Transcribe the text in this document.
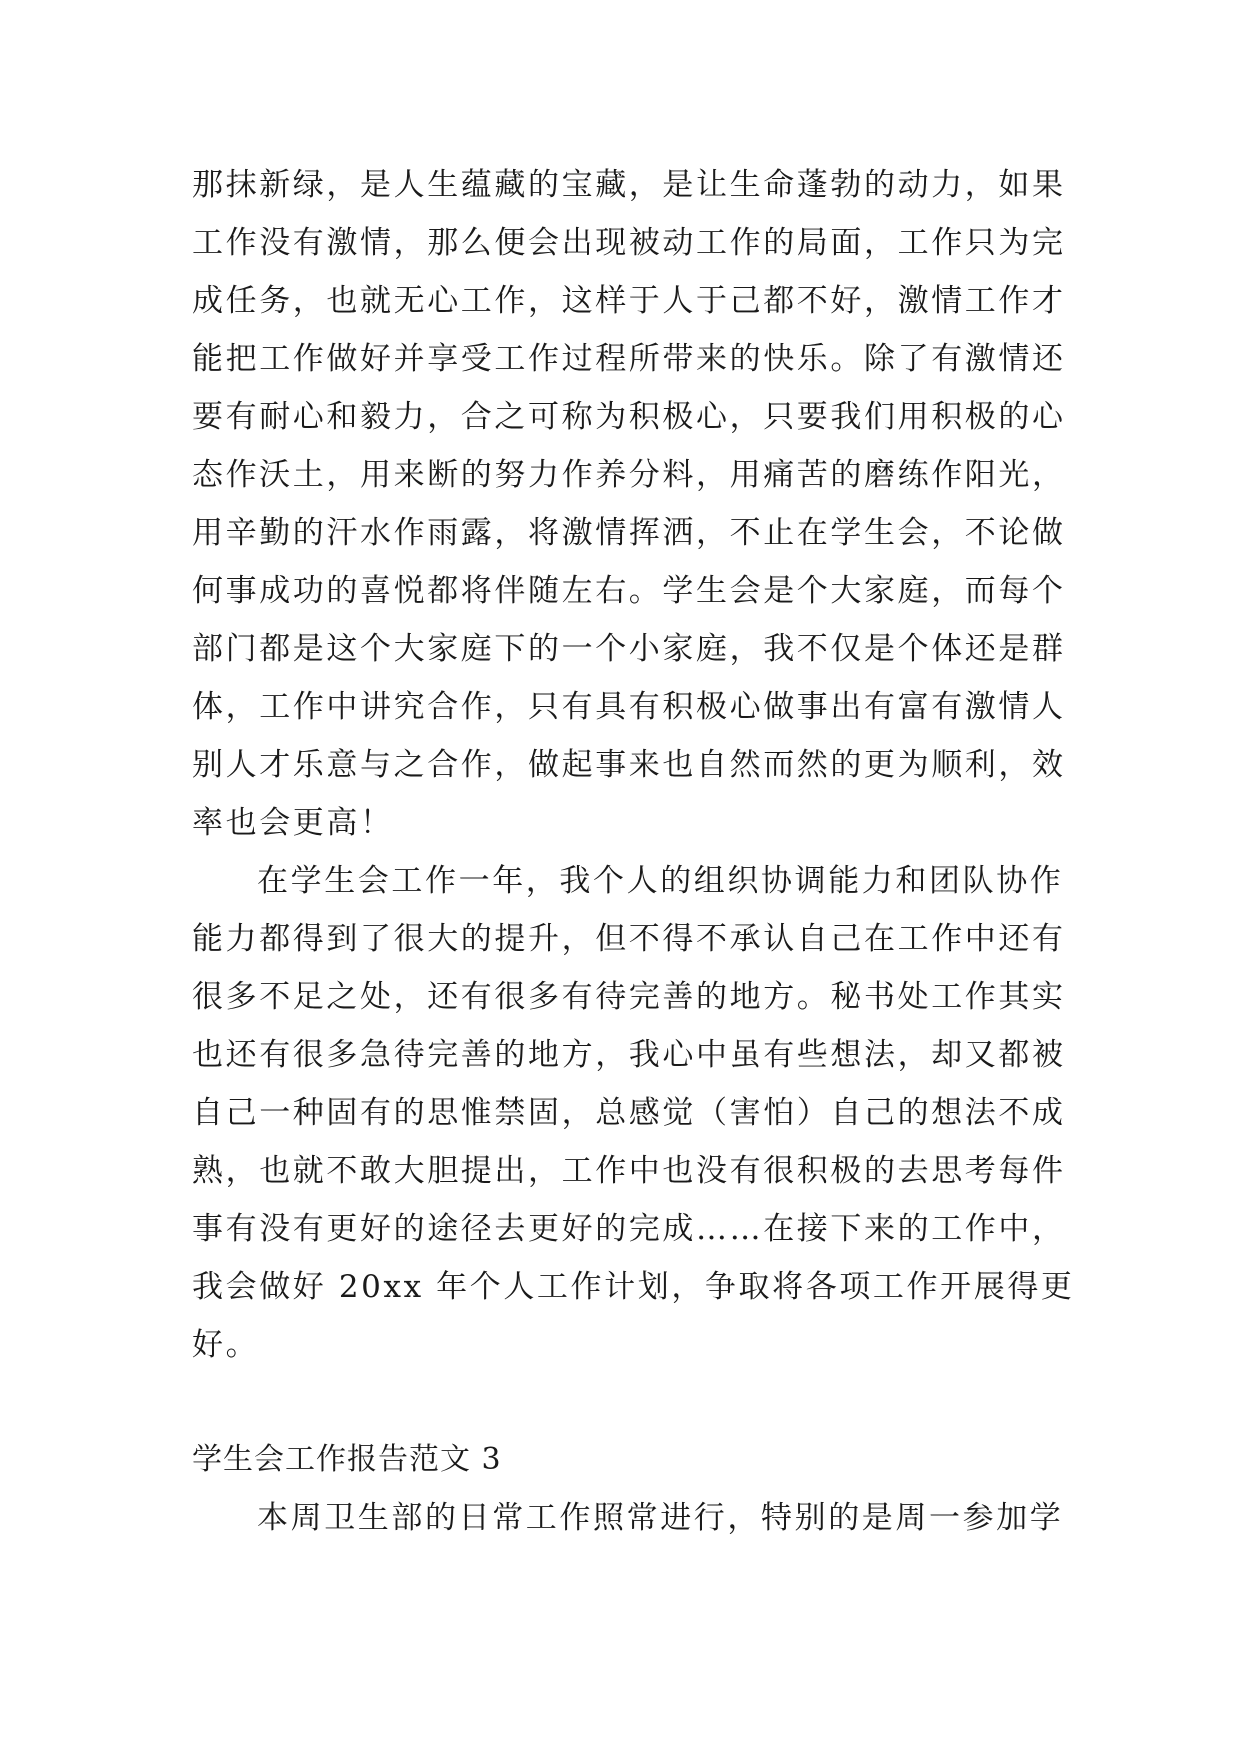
那抹新绿，是人生蕴藏的宝藏，是让生命蓬勃的动力，如果
工作没有激情，那么便会出现被动工作的局面，工作只为完
成任务，也就无心工作，这样于人于己都不好，激情工作才
能把工作做好并享受工作过程所带来的快乐。除了有激情还
要有耐心和毅力，合之可称为积极心，只要我们用积极的心
态作沃土，用来断的努力作养分料，用痛苦的磨练作阳光，
用辛勤的汗水作雨露，将激情挥洒，不止在学生会，不论做
何事成功的喜悦都将伴随左右。学生会是个大家庭，而每个
部门都是这个大家庭下的一个小家庭，我不仅是个体还是群
体，工作中讲究合作，只有具有积极心做事出有富有激情人
别人才乐意与之合作，做起事来也自然而然的更为顺利，效
率也会更高！
在学生会工作一年，我个人的组织协调能力和团队协作
能力都得到了很大的提升，但不得不承认自己在工作中还有
很多不足之处，还有很多有待完善的地方。秘书处工作其实
也还有很多急待完善的地方，我心中虽有些想法，却又都被
自己一种固有的思惟禁固，总感觉（害怕）自己的想法不成
熟，也就不敢大胆提出，工作中也没有很积极的去思考每件
事有没有更好的途径去更好的完成……在接下来的工作中，
我会做好 20xx 年个人工作计划，争取将各项工作开展得更
好。
学生会工作报告范文 3
本周卫生部的日常工作照常进行，特别的是周一参加学
